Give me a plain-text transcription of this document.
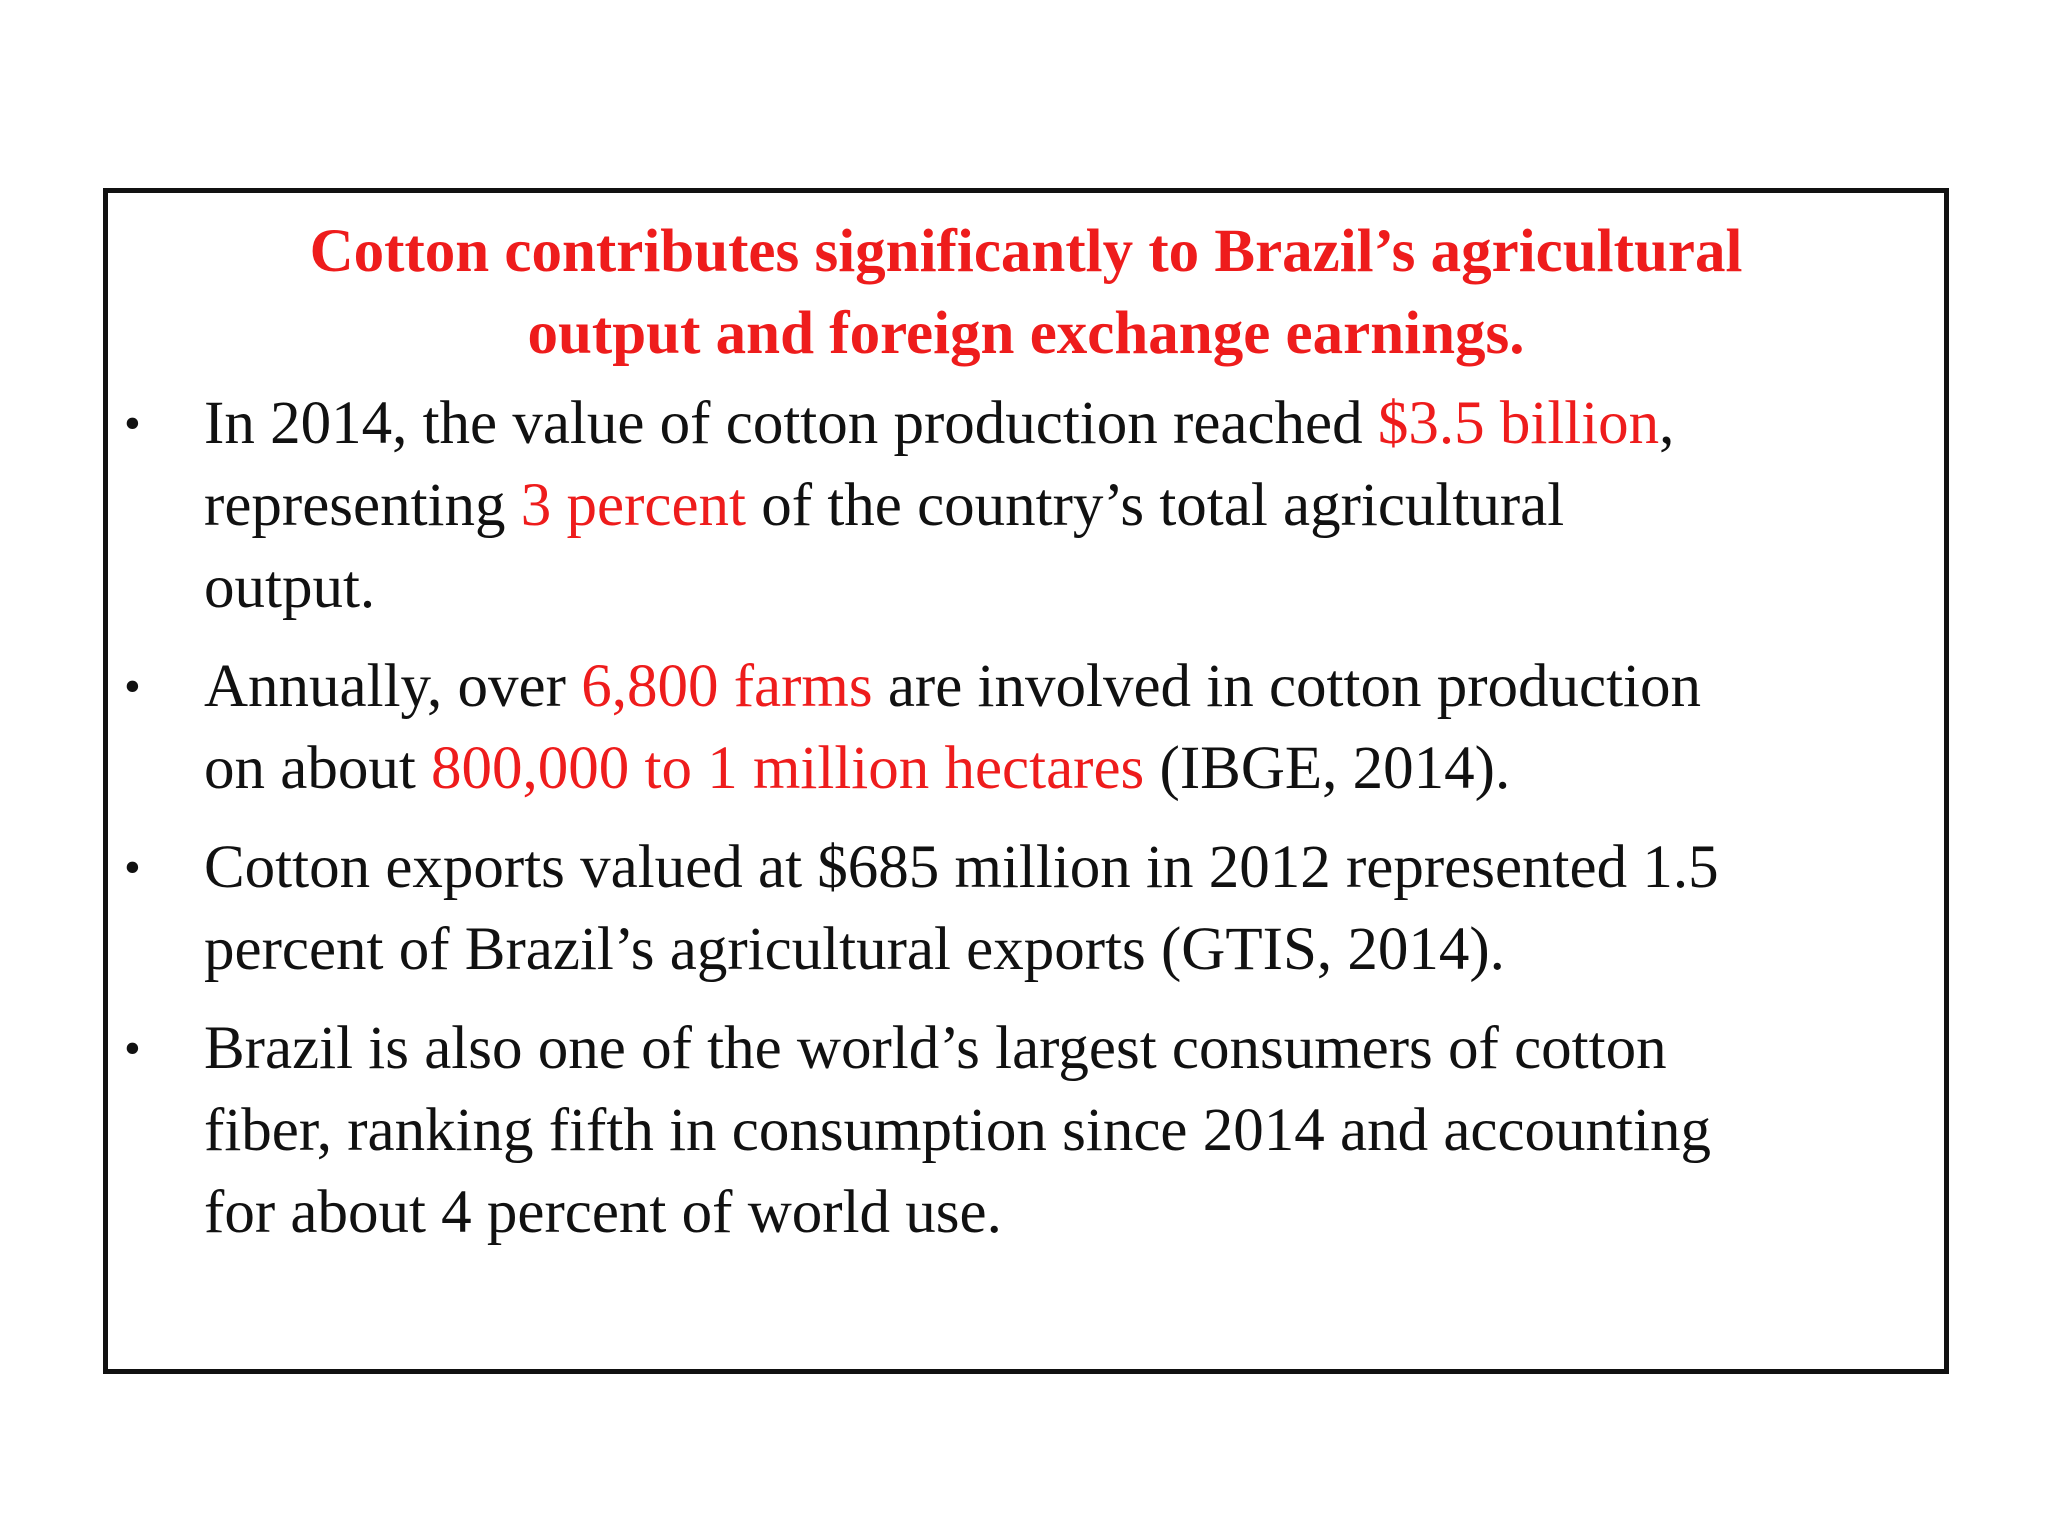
Cotton contributes significantly to Brazil’s agricultural
output and foreign exchange earnings.
•	In 2014, the value of cotton production reached $3.5 billion,
representing 3 percent of the country’s total agricultural
output.
•	Annually, over 6,800 farms are involved in cotton production
on about 800,000 to 1 million hectares (IBGE, 2014).
•	Cotton exports valued at $685 million in 2012 represented 1.5
percent of Brazil’s agricultural exports (GTIS, 2014).
•	Brazil is also one of the world’s largest consumers of cotton
fiber, ranking fifth in consumption since 2014 and accounting
for about 4 percent of world use.
